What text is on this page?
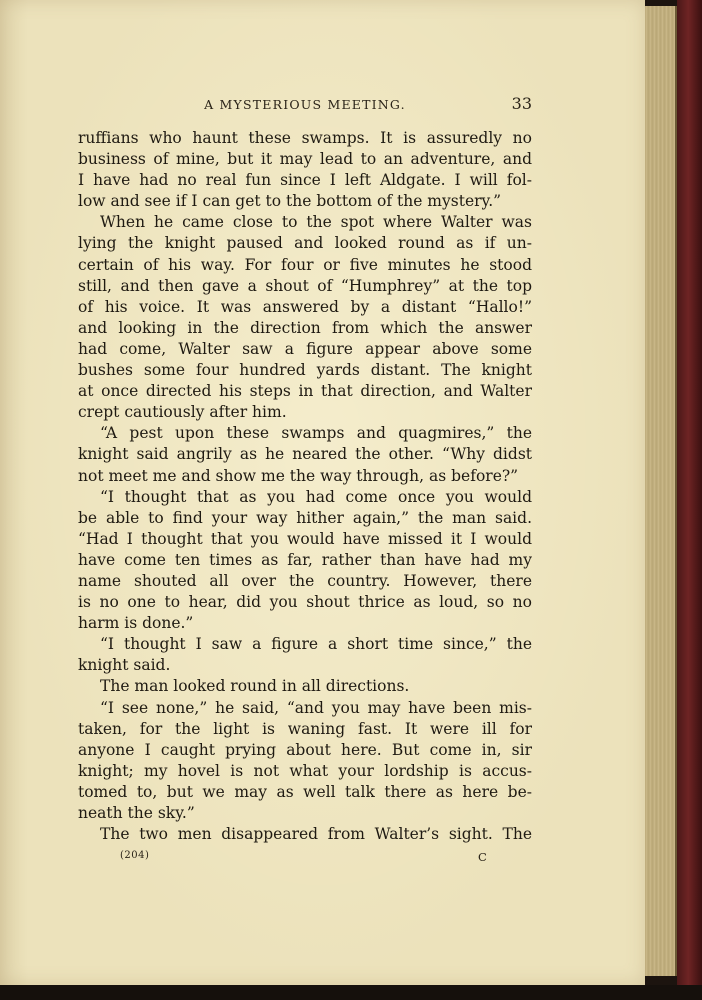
A MYSTERIOUS MEETING.	33
ruffians who haunt these swamps. It is assuredly no
business of mine, but it may lead to an adventure, and
I have had no real fun since I left Aldgate. I will fol-
low and see if I can get to the bottom of the mystery.”
When he came close to the spot where Walter was
lying the knight paused and looked round as if un-
certain of his way. For four or five minutes he stood
still, and then gave a shout of “Humphrey” at the top
of his voice. It was answered by a distant “Hallo!”
and looking in the direction from which the answer
had come, Walter saw a figure appear above some
bushes some four hundred yards distant. The knight
at once directed his steps in that direction, and Walter
crept cautiously after him.
“A pest upon these swamps and quagmires,” the
knight said angrily as he neared the other. “Why didst
not meet me and show me the way through, as before?”
“I thought that as you had come once you would
be able to find your way hither again,” the man said.
“Had I thought that you would have missed it I would
have come ten times as far, rather than have had my
name shouted all over the country. However, there
is no one to hear, did you shout thrice as loud, so no
harm is done.”
“I thought I saw a figure a short time since,” the
knight said.
The man looked round in all directions.
“I see none,” he said, “and you may have been mis-
taken, for the light is waning fast. It were ill for
anyone I caught prying about here. But come in, sir
knight; my hovel is not what your lordship is accus-
tomed to, but we may as well talk there as here be-
neath the sky.”
The two men disappeared from Walter’s sight. The
(204)	C
